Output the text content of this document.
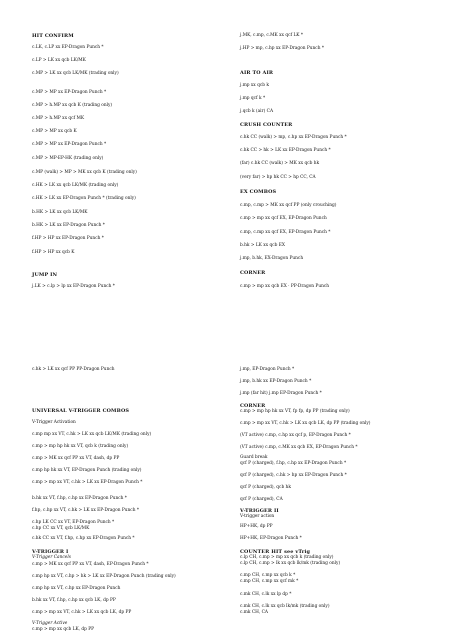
HIT CONFIRM
c.LK, c.LP xx EP-Dragon Punch *
c.LP > LK xx qcb LK/MK
c.MP > LK xx qcb LK/MK (trading only)
c.MP > MP xx EP-Dragon Punch *
c.MP > h.MP xx qcb K (trading only)
c.MP > h.MP xx qcf MK
c.MP > MP xx qcb K
c.MP > MP xx EP-Dragon Punch *
c.MP > MP-EP-HK (trading only)
c.MP (walk) > MP > MK xx qcb K (trading only)
c.HK > LK xx qcb LK/MK (trading only)
c.HK > LK xx EP-Dragon Punch * (trading only)
b.HK > LK xx qcb LK/MK
b.HK > LK xx EP-Dragon Punch *
f.HP > HP xx EP-Dragon Punch *
f.HP > HP xx qcb K
JUMP IN
j.LK > c.lp > lp xx EP-Dragon Punch *
c.hk > LK xx qcf PP PP-Dragon Punch
UNIVERSAL V-TRIGGER COMBOS
V-Trigger Activation
c.mp mp xx VT, c.hk > LK xx qcb LK/MK (trading only)
c.mp > mp hp hk xx VT, qcb k (trading only)
c.mp > MK xx qcf PP xx VT, dash, dp PP
c.mp hp hk xx VT, EP-Dragon Punch (trading only)
c.mp > mp xx VT, c.hk > LK xx EP-Dragon Punch *
b.hk xx VT, f.hp, c.hp xx EP-Dragon Punch *
f.hp, c.hp xx VT, c.hk > LK xx EP-Dragon Punch *
c.hp LK CC xx VT, EP-Dragon Punch *
c.hp CC xx VT, qcb LK/MK
c.hk CC xx VT, f.hp, c.hp xx EP-Dragon Punch *
V-TRIGGER I
V-Trigger Cancels
c.mp > MK xx qcf PP xx VT, dash, EP-Dragon Punch *
c.mp hp xx VT, c.hp > hk > LK xx EP-Dragon Punch (trading only)
c.mp hp xx VT, c.hp xx EP-Dragon Punch
b.hk xx VT, f.hp, c.hp xx qcb LK, dp PP
c.mp > mp xx VT, c.hk > LK xx qcb LK, dp PP
V-Trigger Active
c.mp > mp xx qcb LK, dp PP
j.MK, c.mp, c.MK xx qcf LK *
j.HP > mp, c.hp xx EP-Dragon Punch *
AIR TO AIR
j.mp xx qcb k
j.mp qcf k *
j.qcb k (air) CA
CRUSH COUNTER
c.hk CC (walk) > mp, c.hp xx EP-Dragon Punch *
c.hk CC > hk > LK xx EP-Dragon Punch *
(far) c.hk CC (walk) > MK xx qcb hk
(very far) > hp hk CC > hp CC, CA
EX COMBOS
c.mp, c.mp > MK xx qcf PP (only crouching)
c.mp > mp xx qcf EX, EP-Dragon Punch
c.mp, c.mp xx qcf EX, EP-Dragon Punch *
b.hk > LK xx qcb EX
j.mp, b.hk, EX-Dragon Punch
CORNER
c.mp > mp xx qcb EX · PP-Dragon Punch
j.mp, EP-Dragon Punch *
j.mp, b.hk xx EP-Dragon Punch *
j.mp (far hit) j.mp EP-Dragon Punch *
CORNER
c.mp > mp hp hk xx VT, fp fp, dp PP (trading only)
c.mp > mp xx VT, c.hk > LK xx qcb LK, dp PP (trading only)
(VT active) c.mp, c.hp xx qcf p, EP-Dragon Punch *
(VT active) c.mp, c.MK xx qcb EX, EP-Dragon Punch *
Guard break
qcf P (charged), f.hp, c.hp xx EP-Dragon Punch *
qcf P (charged), c.hk > hp xx EP-Dragon Punch *
qcf P (charged), qcb hk
qcf P (charged), CA
V-TRIGGER II
V-trigger action
HP+HK, dp PP
HP+HK, EP-Dragon Punch *
COUNTER HIT see vTrig
c.lp CH, c.mp > mp xx qcb k (trading only)
c.lp CH, c.mp > lk xx qcb lk/mk (trading only)
c.mp CH, c.mp xx qcb k *
c.mp CH, c.mp xx qcf mk *
c.mk CH, c.lk xx lp dp *
c.mk CH, c.lk xx qcb lk/mk (trading only)
c.mk CH, CA
